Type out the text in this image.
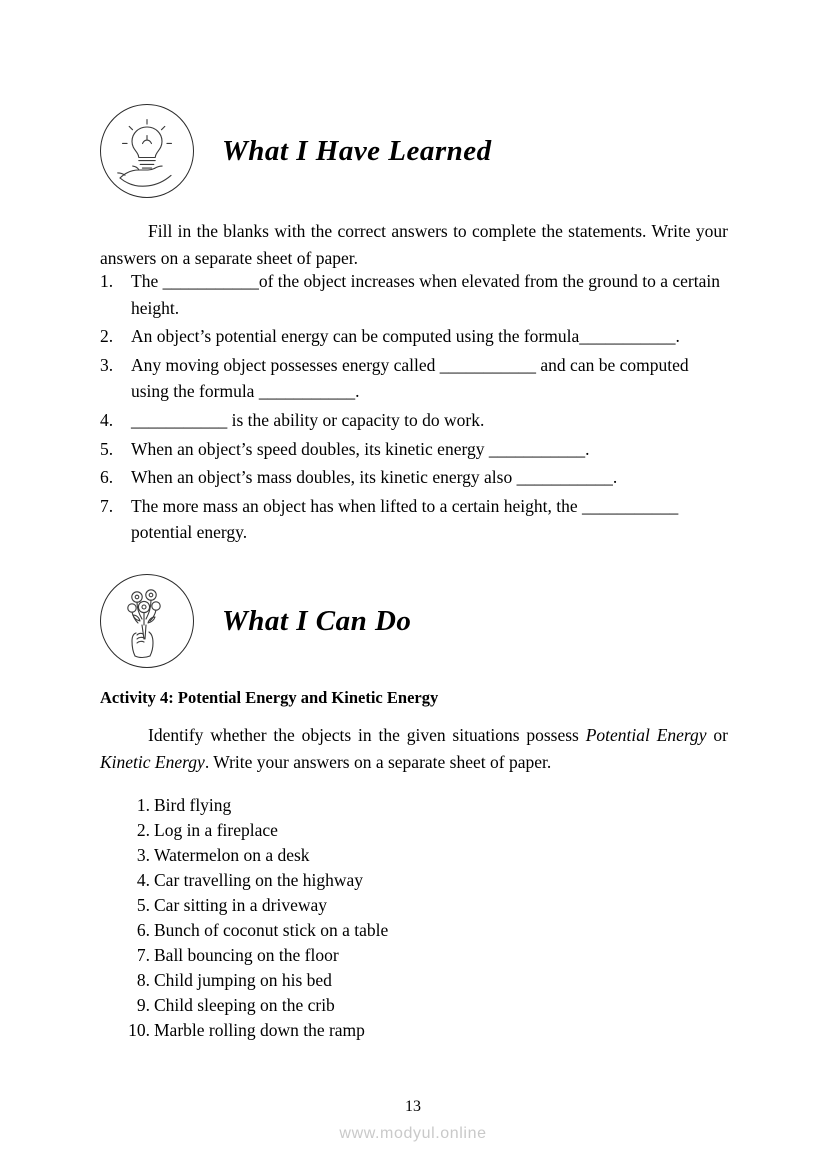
What I Have Learned
Fill in the blanks with the correct answers to complete the statements. Write your answers on a separate sheet of paper.
1.	The ___________of the object increases when elevated from the ground to a certain height.
2.	An object’s potential energy can be computed using the formula___________.
3.	Any moving object possesses energy called ___________ and can be computed using the formula ___________.
4.	___________ is the ability or capacity to do work.
5.	When an object’s speed doubles, its kinetic energy ___________.
6.	When an object’s mass doubles, its kinetic energy also ___________.
7.	The more mass an object has when lifted to a certain height, the ___________ potential energy.
What I Can Do
Activity 4: Potential Energy and Kinetic Energy
Identify whether the objects in the given situations possess Potential Energy or Kinetic Energy. Write your answers on a separate sheet of paper.
1. Bird flying
2. Log in a fireplace
3. Watermelon on a desk
4. Car travelling on the highway
5. Car sitting in a driveway
6. Bunch of coconut stick on a table
7. Ball bouncing on the floor
8. Child jumping on his bed
9. Child sleeping on the crib
10. Marble rolling down the ramp
13
www.modyul.online
